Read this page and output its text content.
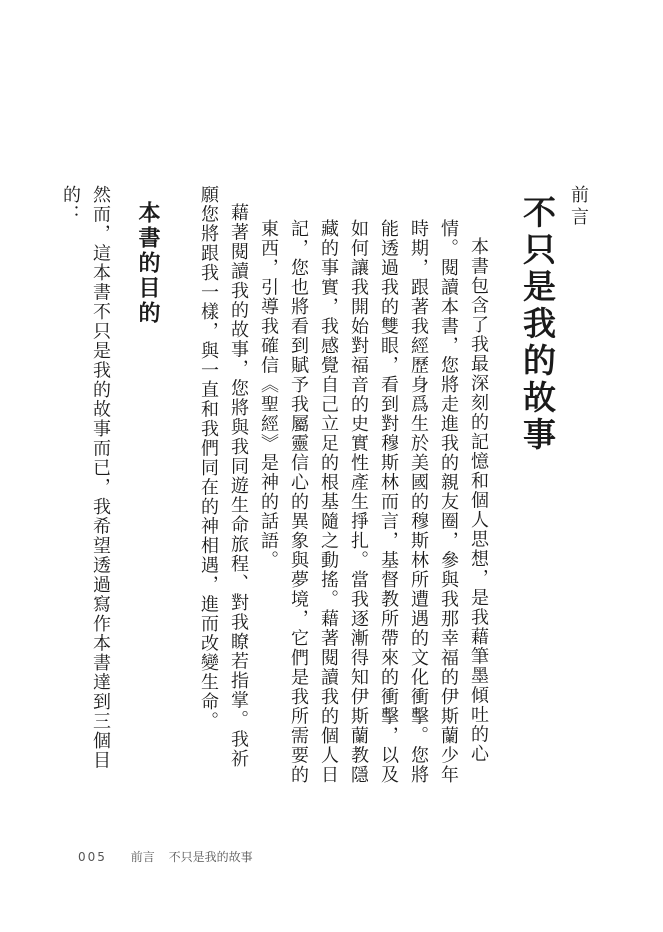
前言
不只是我的故事

本書包含了我最深刻的記憶和個人思想，是我藉筆墨傾吐的心情。閱讀本書，您將走進我的親友圈，參與我那幸福的伊斯蘭少年時期，跟著我經歷身爲生於美國的穆斯林所遭遇的文化衝擊。您將能透過我的雙眼，看到對穆斯林而言，基督教所帶來的衝擊，以及如何讓我開始對福音的史實性產生掙扎。當我逐漸得知伊斯蘭教隱藏的事實，我感覺自己立足的根基隨之動搖。藉著閱讀我的個人日記，您也將看到賦予我屬靈信心的異象與夢境，它們是我所需要的東西，引導我確信《聖經》是神的話語。

藉著閱讀我的故事，您將與我同遊生命旅程、對我瞭若指掌。我祈願您將跟我一樣，與一直和我們同在的神相遇，進而改變生命。

本書的目的

然而，這本書不只是我的故事而已，我希望透過寫作本書達到三個目的：

005 前言 不只是我的故事
